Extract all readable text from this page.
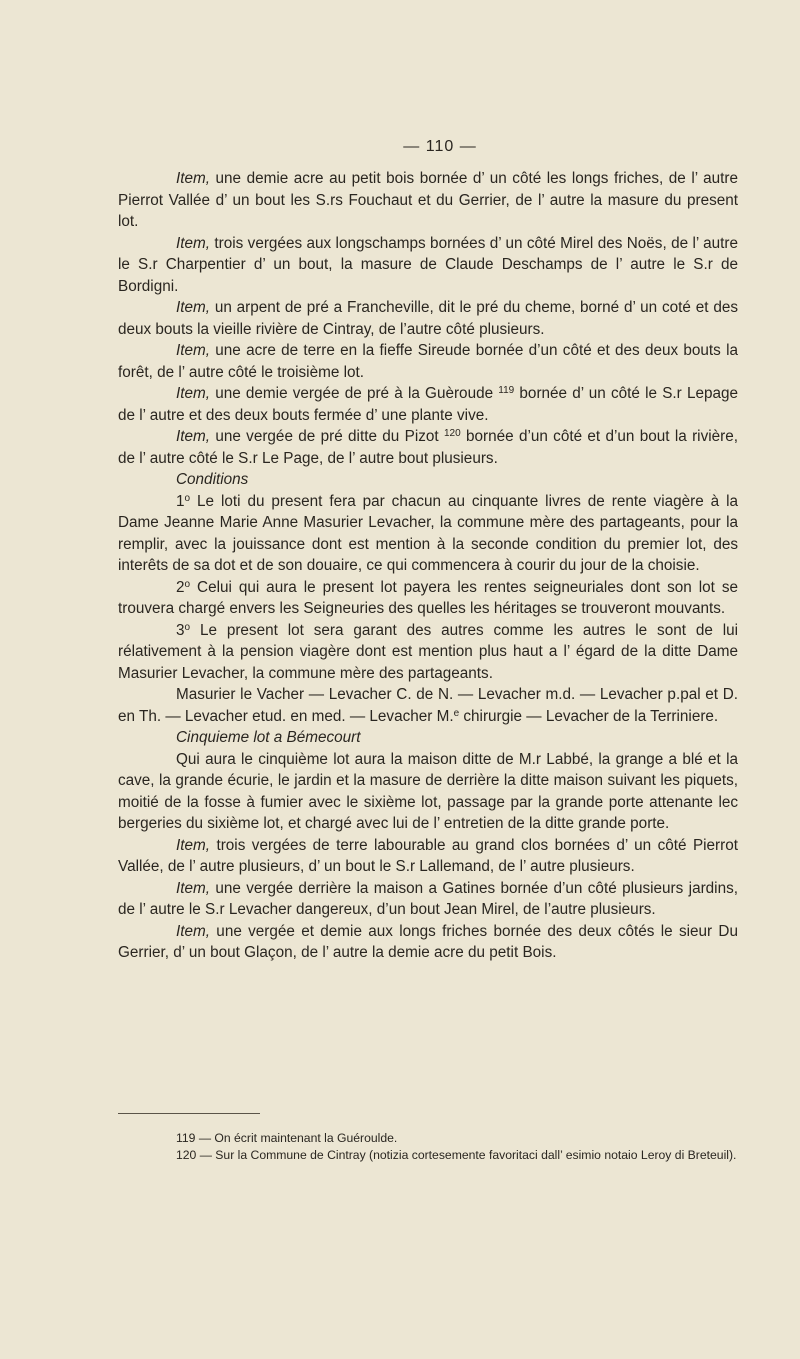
— 110 —

Item, une demie acre au petit bois bornée d’ un côté les longs friches, de l’ autre Pierrot Vallée d’ un bout les S.rs Fouchaut et du Gerrier, de l’ autre la masure du present lot.

Item, trois vergées aux longschamps bornées d’ un côté Mirel des Noës, de l’ autre le S.r Charpentier d’ un bout, la masure de Claude Deschamps de l’ autre le S.r de Bordigni.

Item, un arpent de pré a Francheville, dit le pré du cheme, borné d’ un coté et des deux bouts la vieille rivière de Cintray, de l’autre côté plusieurs.

Item, une acre de terre en la fieffe Sireude bornée d’un côté et des deux bouts la forêt, de l’ autre côté le troisième lot.

Item, une demie vergée de pré à la Guèroude $^{119}$ bornée d’ un côté le S.r Lepage de l’ autre et des deux bouts fermée d’ une plante vive.

Item, une vergée de pré ditte du Pizot $^{120}$ bornée d’un côté et d’un bout la rivière, de l’ autre côté le S.r Le Page, de l’ autre bout plusieurs.

Conditions

1$^o$ Le loti du present fera par chacun au cinquante livres de rente viagère à la Dame Jeanne Marie Anne Masurier Levacher, la commune mère des partageants, pour la remplir, avec la jouissance dont est mention à la seconde condition du premier lot, des interêts de sa dot et de son douaire, ce qui commencera à courir du jour de la choisie.

2$^o$ Celui qui aura le present lot payera les rentes seigneuriales dont son lot se trouvera chargé envers les Seigneuries des quelles les héritages se trouveront mouvants.

3$^o$ Le present lot sera garant des autres comme les autres le sont de lui rélativement à la pension viagère dont est mention plus haut a l’ égard de la ditte Dame Masurier Levacher, la commune mère des partageants.

Masurier le Vacher — Levacher C. de N. — Levacher m.d. — Levacher p.pal et D. en Th. — Levacher etud. en med. — Levacher M.$^e$ chirurgie — Levacher de la Terriniere.

Cinquieme lot a Bémecourt

Qui aura le cinquième lot aura la maison ditte de M.r Labbé, la grange a blé et la cave, la grande écurie, le jardin et la masure de derrière la ditte maison suivant les piquets, moitié de la fosse à fumier avec le sixième lot, passage par la grande porte attenante lec bergeries du sixième lot, et chargé avec lui de l’ entretien de la ditte grande porte.

Item, trois vergées de terre labourable au grand clos bornées d’ un côté Pierrot Vallée, de l’ autre plusieurs, d’ un bout le S.r Lallemand, de l’ autre plusieurs.

Item, une vergée derrière la maison a Gatines bornée d’un côté plusieurs jardins, de l’ autre le S.r Levacher dangereux, d’un bout Jean Mirel, de l’autre plusieurs.

Item, une vergée et demie aux longs friches bornée des deux côtés le sieur Du Gerrier, d’ un bout Glaçon, de l’ autre la demie acre du petit Bois.

119 — On écrit maintenant la Guéroulde.

120 — Sur la Commune de Cintray (notizia cortesemente favoritaci dall’ esimio notaio Leroy di Breteuil).
